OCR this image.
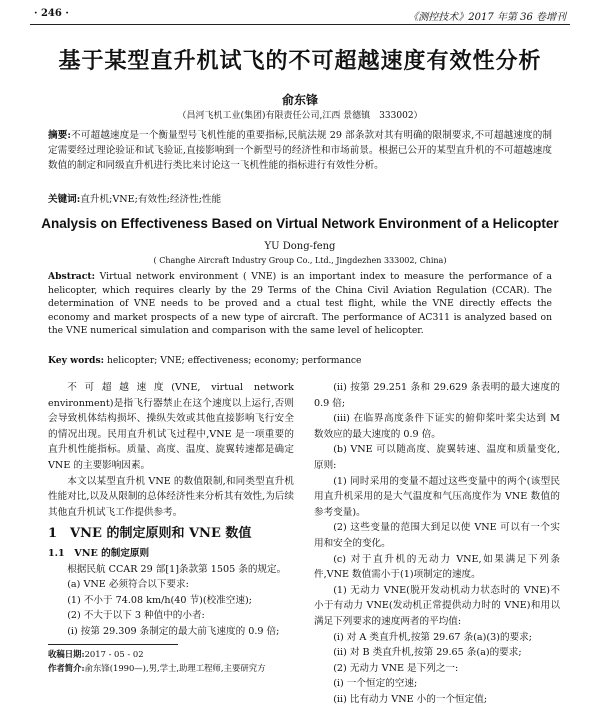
· 246 ·	《测控技术》2017 年第 36 卷增刊
基于某型直升机试飞的不可超越速度有效性分析
俞东锋
（昌河飞机工业(集团)有限责任公司,江西 景德镇　333002）
摘要:不可超越速度是一个衡量型号飞机性能的重要指标,民航法规 29 部条款对其有明确的限制要求,不可超越速度的制定需要经过理论验证和试飞验证,直接影响到一个新型号的经济性和市场前景。根据已公开的某型直升机的不可超越速度数值的制定和同级直升机进行类比来讨论这一飞机性能的指标进行有效性分析。
关键词:直升机;VNE;有效性;经济性;性能
Analysis on Effectiveness Based on Virtual Network Environment of a Helicopter
YU Dong-feng
( Changhe Aircraft Industry Group Co., Ltd., Jingdezhen 333002, China)
Abstract: Virtual network environment ( VNE) is an important index to measure the performance of a helicopter, which requires clearly by the 29 Terms of the China Civil Aviation Regulation (CCAR). The determination of VNE needs to be proved and a ctual test flight, while the VNE directly effects the economy and market prospects of a new type of aircraft. The performance of AC311 is analyzed based on the VNE numerical simulation and comparison with the same level of helicopter.
Key words: helicopter; VNE; effectiveness; economy; performance

不可超越速度(VNE, virtual network environment)是指飞行器禁止在这个速度以上运行,否则会导致机体结构损坏、操纵失效或其他直接影响飞行安全的情况出现。民用直升机试飞过程中,VNE 是一项重要的直升机性能指标。质量、高度、温度、旋翼转速都是确定 VNE 的主要影响因素。

本文以某型直升机 VNE 的数值限制,和同类型直升机性能对比,以及从限制的总体经济性来分析其有效性,为后续其他直升机试飞工作提供参考。

1　VNE 的制定原则和 VNE 数值

1.1　VNE 的制定原则

根据民航 CCAR 29 部[1]条款第 1505 条的规定。

(a) VNE 必须符合以下要求:

(1) 不小于 74.08 km/h(40 节)(校准空速);

(2) 不大于以下 3 种值中的小者:

(i) 按第 29.309 条制定的最大前飞速度的 0.9 倍;

(ii) 按第 29.251 条和 29.629 条表明的最大速度的 0.9 倍;

(iii) 在临界高度条件下证实的俯仰桨叶桨尖达到 M 数效应的最大速度的 0.9 倍。

(b) VNE 可以随高度、旋翼转速、温度和质量变化,原则:

(1) 同时采用的变量不超过这些变量中的两个(该型民用直升机采用的是大气温度和气压高度作为 VNE 数值的参考变量)。

(2) 这些变量的范围大到足以使 VNE 可以有一个实用和安全的变化。

(c) 对于直升机的无动力 VNE,如果满足下列条件,VNE 数值需小于(1)项制定的速度。

(1) 无动力 VNE(脱开发动机动力状态时的 VNE)不小于有动力 VNE(发动机正常提供动力时的 VNE)和用以满足下列要求的速度两者的平均值:

(i) 对 A 类直升机,按第 29.67 条(a)(3)的要求;

(ii) 对 B 类直升机,按第 29.65 条(a)的要求;

(2) 无动力 VNE 是下列之一:

(i) 一个恒定的空速;

(ii) 比有动力 VNE 小的一个恒定值;

收稿日期:2017 - 05 - 02
作者简介:俞东锋(1990—),男,学士,助理工程师,主要研究方
